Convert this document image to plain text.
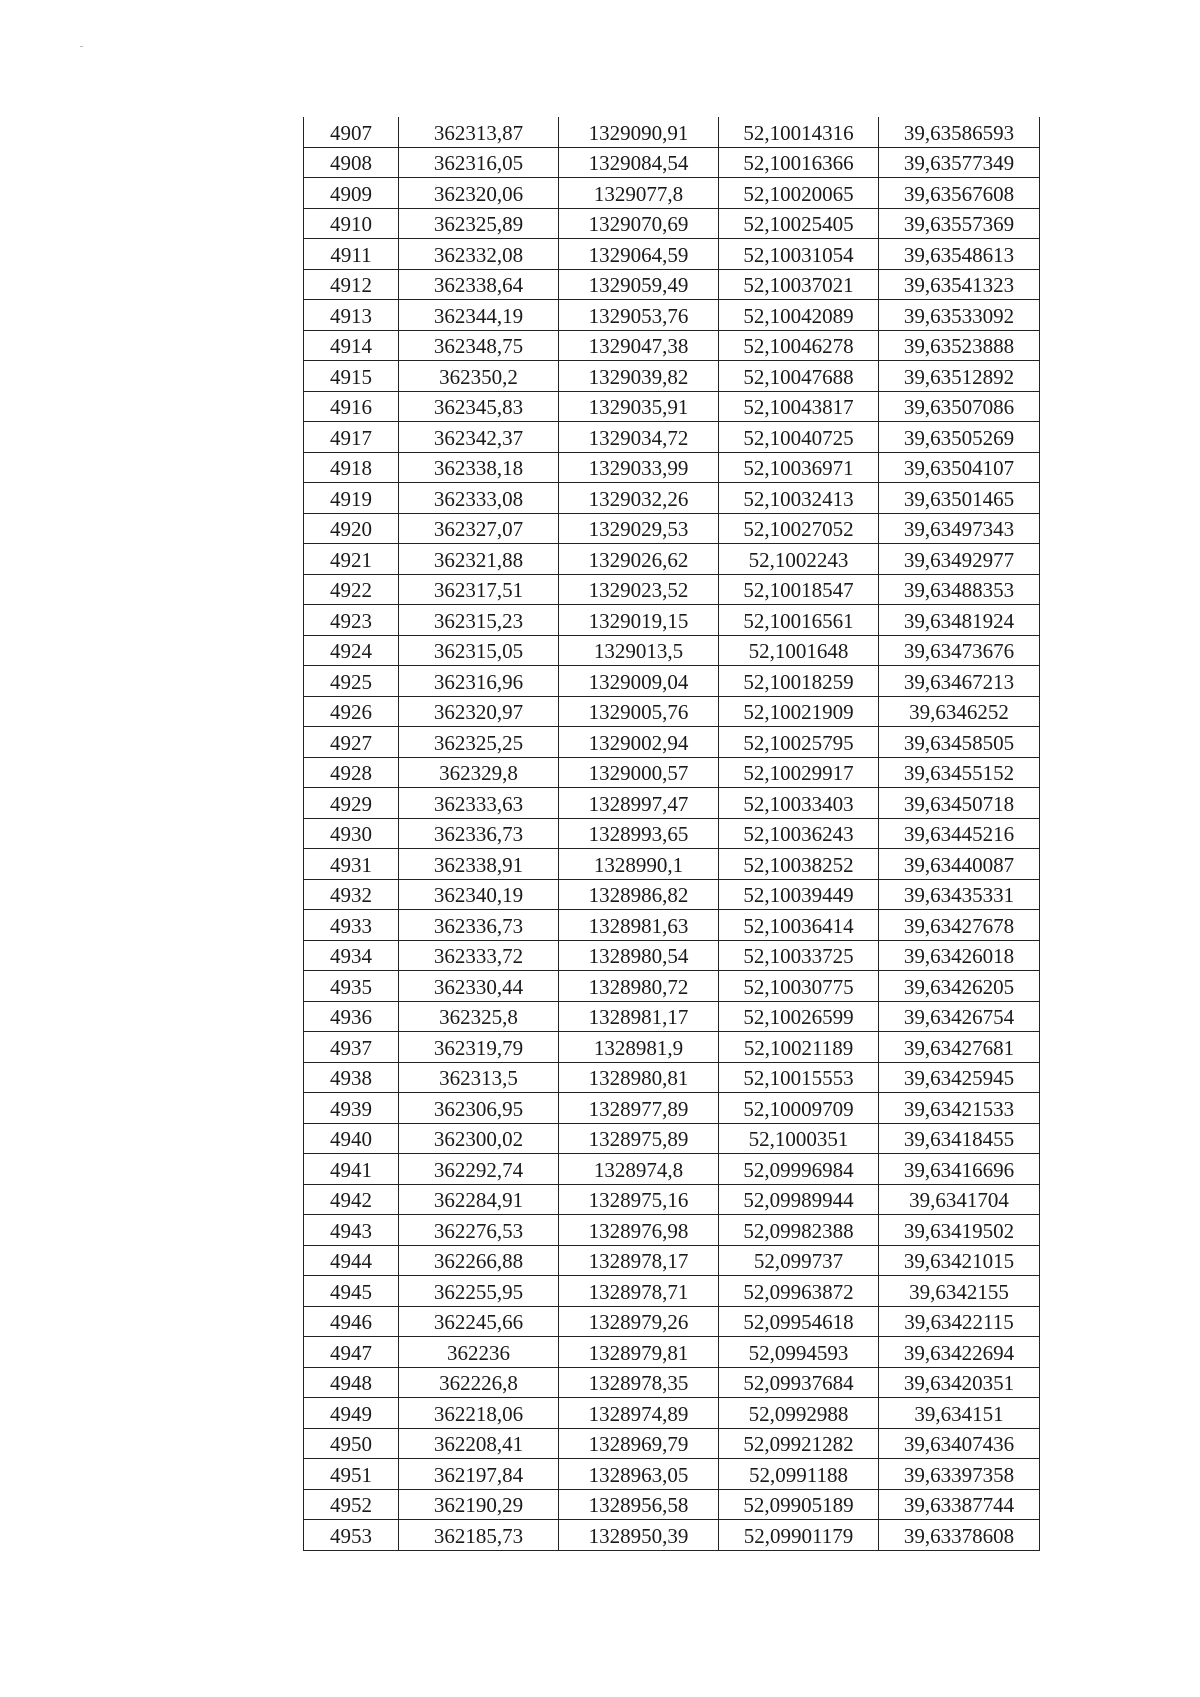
4907	362313,87	1329090,91	52,10014316	39,63586593
4908	362316,05	1329084,54	52,10016366	39,63577349
4909	362320,06	1329077,8	52,10020065	39,63567608
4910	362325,89	1329070,69	52,10025405	39,63557369
4911	362332,08	1329064,59	52,10031054	39,63548613
4912	362338,64	1329059,49	52,10037021	39,63541323
4913	362344,19	1329053,76	52,10042089	39,63533092
4914	362348,75	1329047,38	52,10046278	39,63523888
4915	362350,2	1329039,82	52,10047688	39,63512892
4916	362345,83	1329035,91	52,10043817	39,63507086
4917	362342,37	1329034,72	52,10040725	39,63505269
4918	362338,18	1329033,99	52,10036971	39,63504107
4919	362333,08	1329032,26	52,10032413	39,63501465
4920	362327,07	1329029,53	52,10027052	39,63497343
4921	362321,88	1329026,62	52,1002243	39,63492977
4922	362317,51	1329023,52	52,10018547	39,63488353
4923	362315,23	1329019,15	52,10016561	39,63481924
4924	362315,05	1329013,5	52,1001648	39,63473676
4925	362316,96	1329009,04	52,10018259	39,63467213
4926	362320,97	1329005,76	52,10021909	39,6346252
4927	362325,25	1329002,94	52,10025795	39,63458505
4928	362329,8	1329000,57	52,10029917	39,63455152
4929	362333,63	1328997,47	52,10033403	39,63450718
4930	362336,73	1328993,65	52,10036243	39,63445216
4931	362338,91	1328990,1	52,10038252	39,63440087
4932	362340,19	1328986,82	52,10039449	39,63435331
4933	362336,73	1328981,63	52,10036414	39,63427678
4934	362333,72	1328980,54	52,10033725	39,63426018
4935	362330,44	1328980,72	52,10030775	39,63426205
4936	362325,8	1328981,17	52,10026599	39,63426754
4937	362319,79	1328981,9	52,10021189	39,63427681
4938	362313,5	1328980,81	52,10015553	39,63425945
4939	362306,95	1328977,89	52,10009709	39,63421533
4940	362300,02	1328975,89	52,1000351	39,63418455
4941	362292,74	1328974,8	52,09996984	39,63416696
4942	362284,91	1328975,16	52,09989944	39,6341704
4943	362276,53	1328976,98	52,09982388	39,63419502
4944	362266,88	1328978,17	52,099737	39,63421015
4945	362255,95	1328978,71	52,09963872	39,6342155
4946	362245,66	1328979,26	52,09954618	39,63422115
4947	362236	1328979,81	52,0994593	39,63422694
4948	362226,8	1328978,35	52,09937684	39,63420351
4949	362218,06	1328974,89	52,0992988	39,634151
4950	362208,41	1328969,79	52,09921282	39,63407436
4951	362197,84	1328963,05	52,0991188	39,63397358
4952	362190,29	1328956,58	52,09905189	39,63387744
4953	362185,73	1328950,39	52,09901179	39,63378608
